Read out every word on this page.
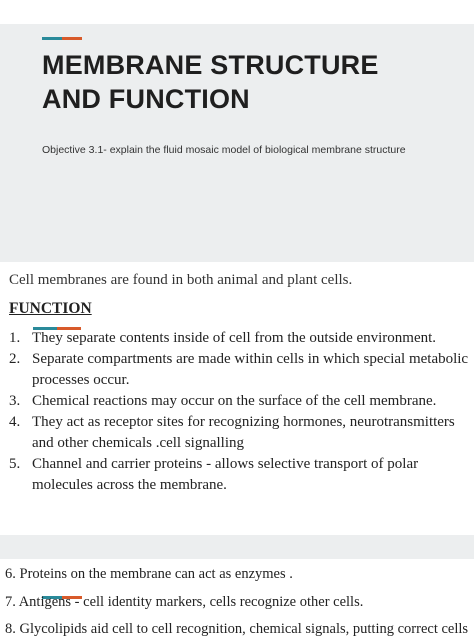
MEMBRANE STRUCTURE AND FUNCTION
Objective 3.1- explain the fluid mosaic model of biological membrane structure
Cell membranes are found in both animal and plant cells.
FUNCTION
1. They separate contents inside of cell from the outside environment.
2. Separate compartments are made within cells in which special metabolic processes occur.
3. Chemical reactions may occur on the surface of the cell membrane.
4. They act as receptor sites for recognizing hormones, neurotransmitters and other chemicals .cell signalling
5. Channel and carrier proteins - allows selective transport of polar molecules across the membrane.
6. Proteins on the membrane can act as enzymes .
7. Antigens - cell identity markers, cells recognize other cells.
8. Glycolipids aid cell to cell recognition, chemical signals, putting correct cells
